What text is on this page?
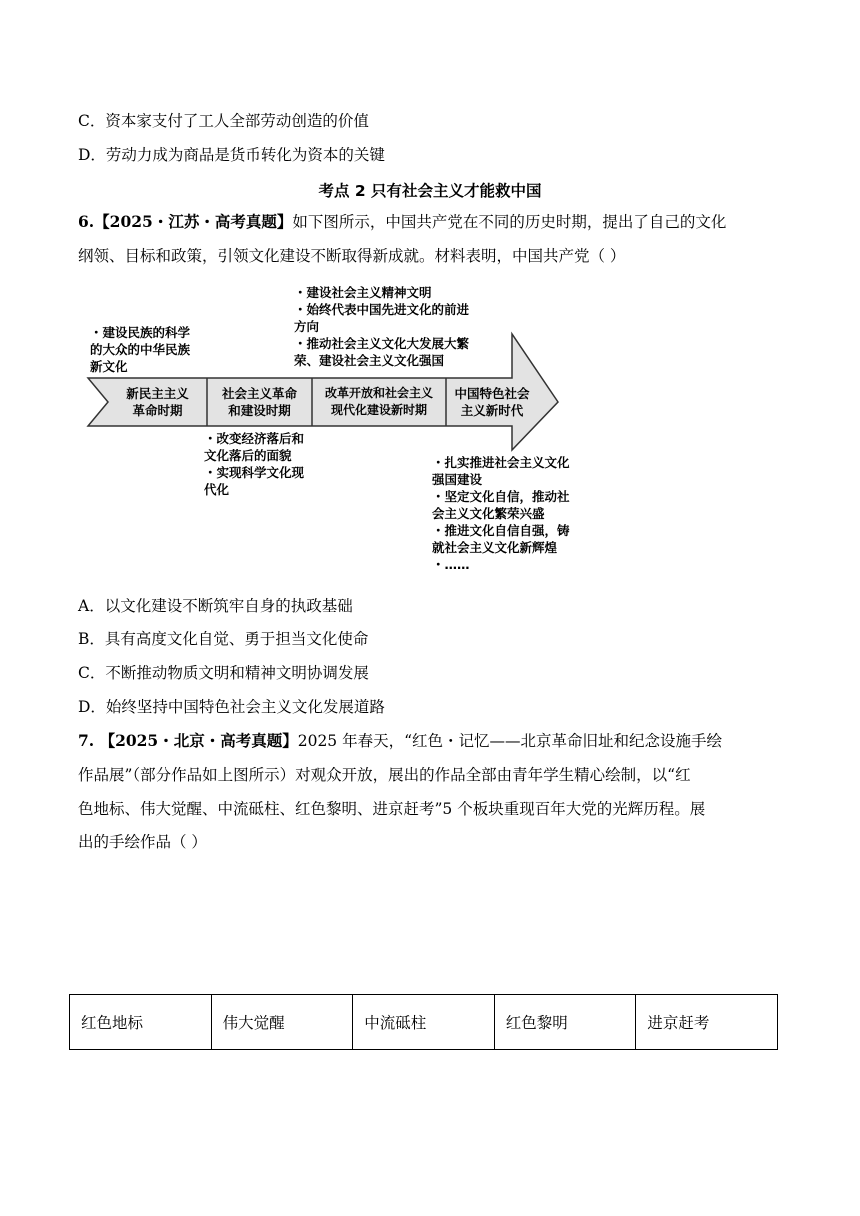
C．资本家支付了工人全部劳动创造的价值
D．劳动力成为商品是货币转化为资本的关键
考点 2 只有社会主义才能救中国
6.【2025・江苏・高考真题】如下图所示，中国共产党在不同的历史时期，提出了自己的文化
纲领、目标和政策，引领文化建设不断取得新成就。材料表明，中国共产党（ ）
新民主主义
革命时期
社会主义革命
和建设时期
改革开放和社会主义
现代化建设新时期
中国特色社会
主义新时代
・建设民族的科学
的大众的中华民族
新文化
・建设社会主义精神文明
・始终代表中国先进文化的前进
方向
・推动社会主义文化大发展大繁
荣、建设社会主义文化强国
・改变经济落后和
文化落后的面貌
・实现科学文化现
代化
・扎实推进社会主义文化
强国建设
・坚定文化自信，推动社
会主义文化繁荣兴盛
・推进文化自信自强，铸
就社会主义文化新辉煌
・……
A．以文化建设不断筑牢自身的执政基础
B．具有高度文化自觉、勇于担当文化使命
C．不断推动物质文明和精神文明协调发展
D．始终坚持中国特色社会主义文化发展道路
7. 【2025・北京・高考真题】2025 年春天，“红色・记忆——北京革命旧址和纪念设施手绘
作品展”（部分作品如上图所示）对观众开放，展出的作品全部由青年学生精心绘制，以“红
色地标、伟大觉醒、中流砥柱、红色黎明、进京赶考”5 个板块重现百年大党的光辉历程。展
出的手绘作品（ ）
红色地标	伟大觉醒	中流砥柱	红色黎明	进京赶考
